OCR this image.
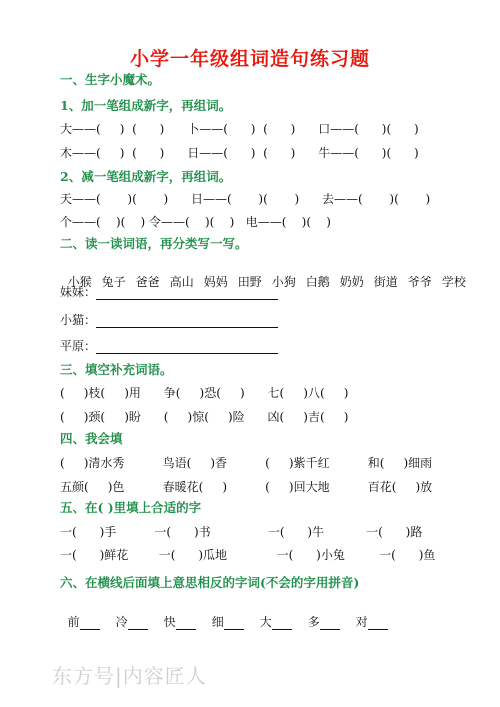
小学一年级组词造句练习题
一、生字小魔术。
1、加一笔组成新字，再组词。
大——(     )  (      )      卜——(      )  (      )      口——(      )(      )
木——(     )  (      )      日——(      )  (      )      牛——(      )(      )
2、减一笔组成新字，再组词。
天——(       )(       )      日——(       )(       )      去——(       )(       )
个——(    )(    ) 令——(    )(    )   电——(    )(    )
二、读一读词语，再分类写一写。

小猴 兔子 爸爸 高山 妈妈 田野 小狗 白鹅 奶奶 街道 爷爷 学校

妹妹：
小猫：
平原：
三、填空补充词语。
(     )枝(     )用      争(     )恐(     )      七(     )八(     )
(     )颈(     )盼      (     )惊(     )险      凶(     )吉(     )
四、我会填
(     )清水秀          鸟语(     )香          (     )紫千红          和(     )细雨
五颜(     )色          春暖花(     )          (     )回大地          百花(     )放
五、在( )里填上合适的字
一(      )手          一(      )书               一(      )牛           一(      )路
一(      )鲜花        一(      )瓜地             一(      )小兔         一(      )鱼
六、在横线后面填上意思相反的字词(不会的字用拼音)

前	冷	快	细	大	多	对

东方号|内容匠人
